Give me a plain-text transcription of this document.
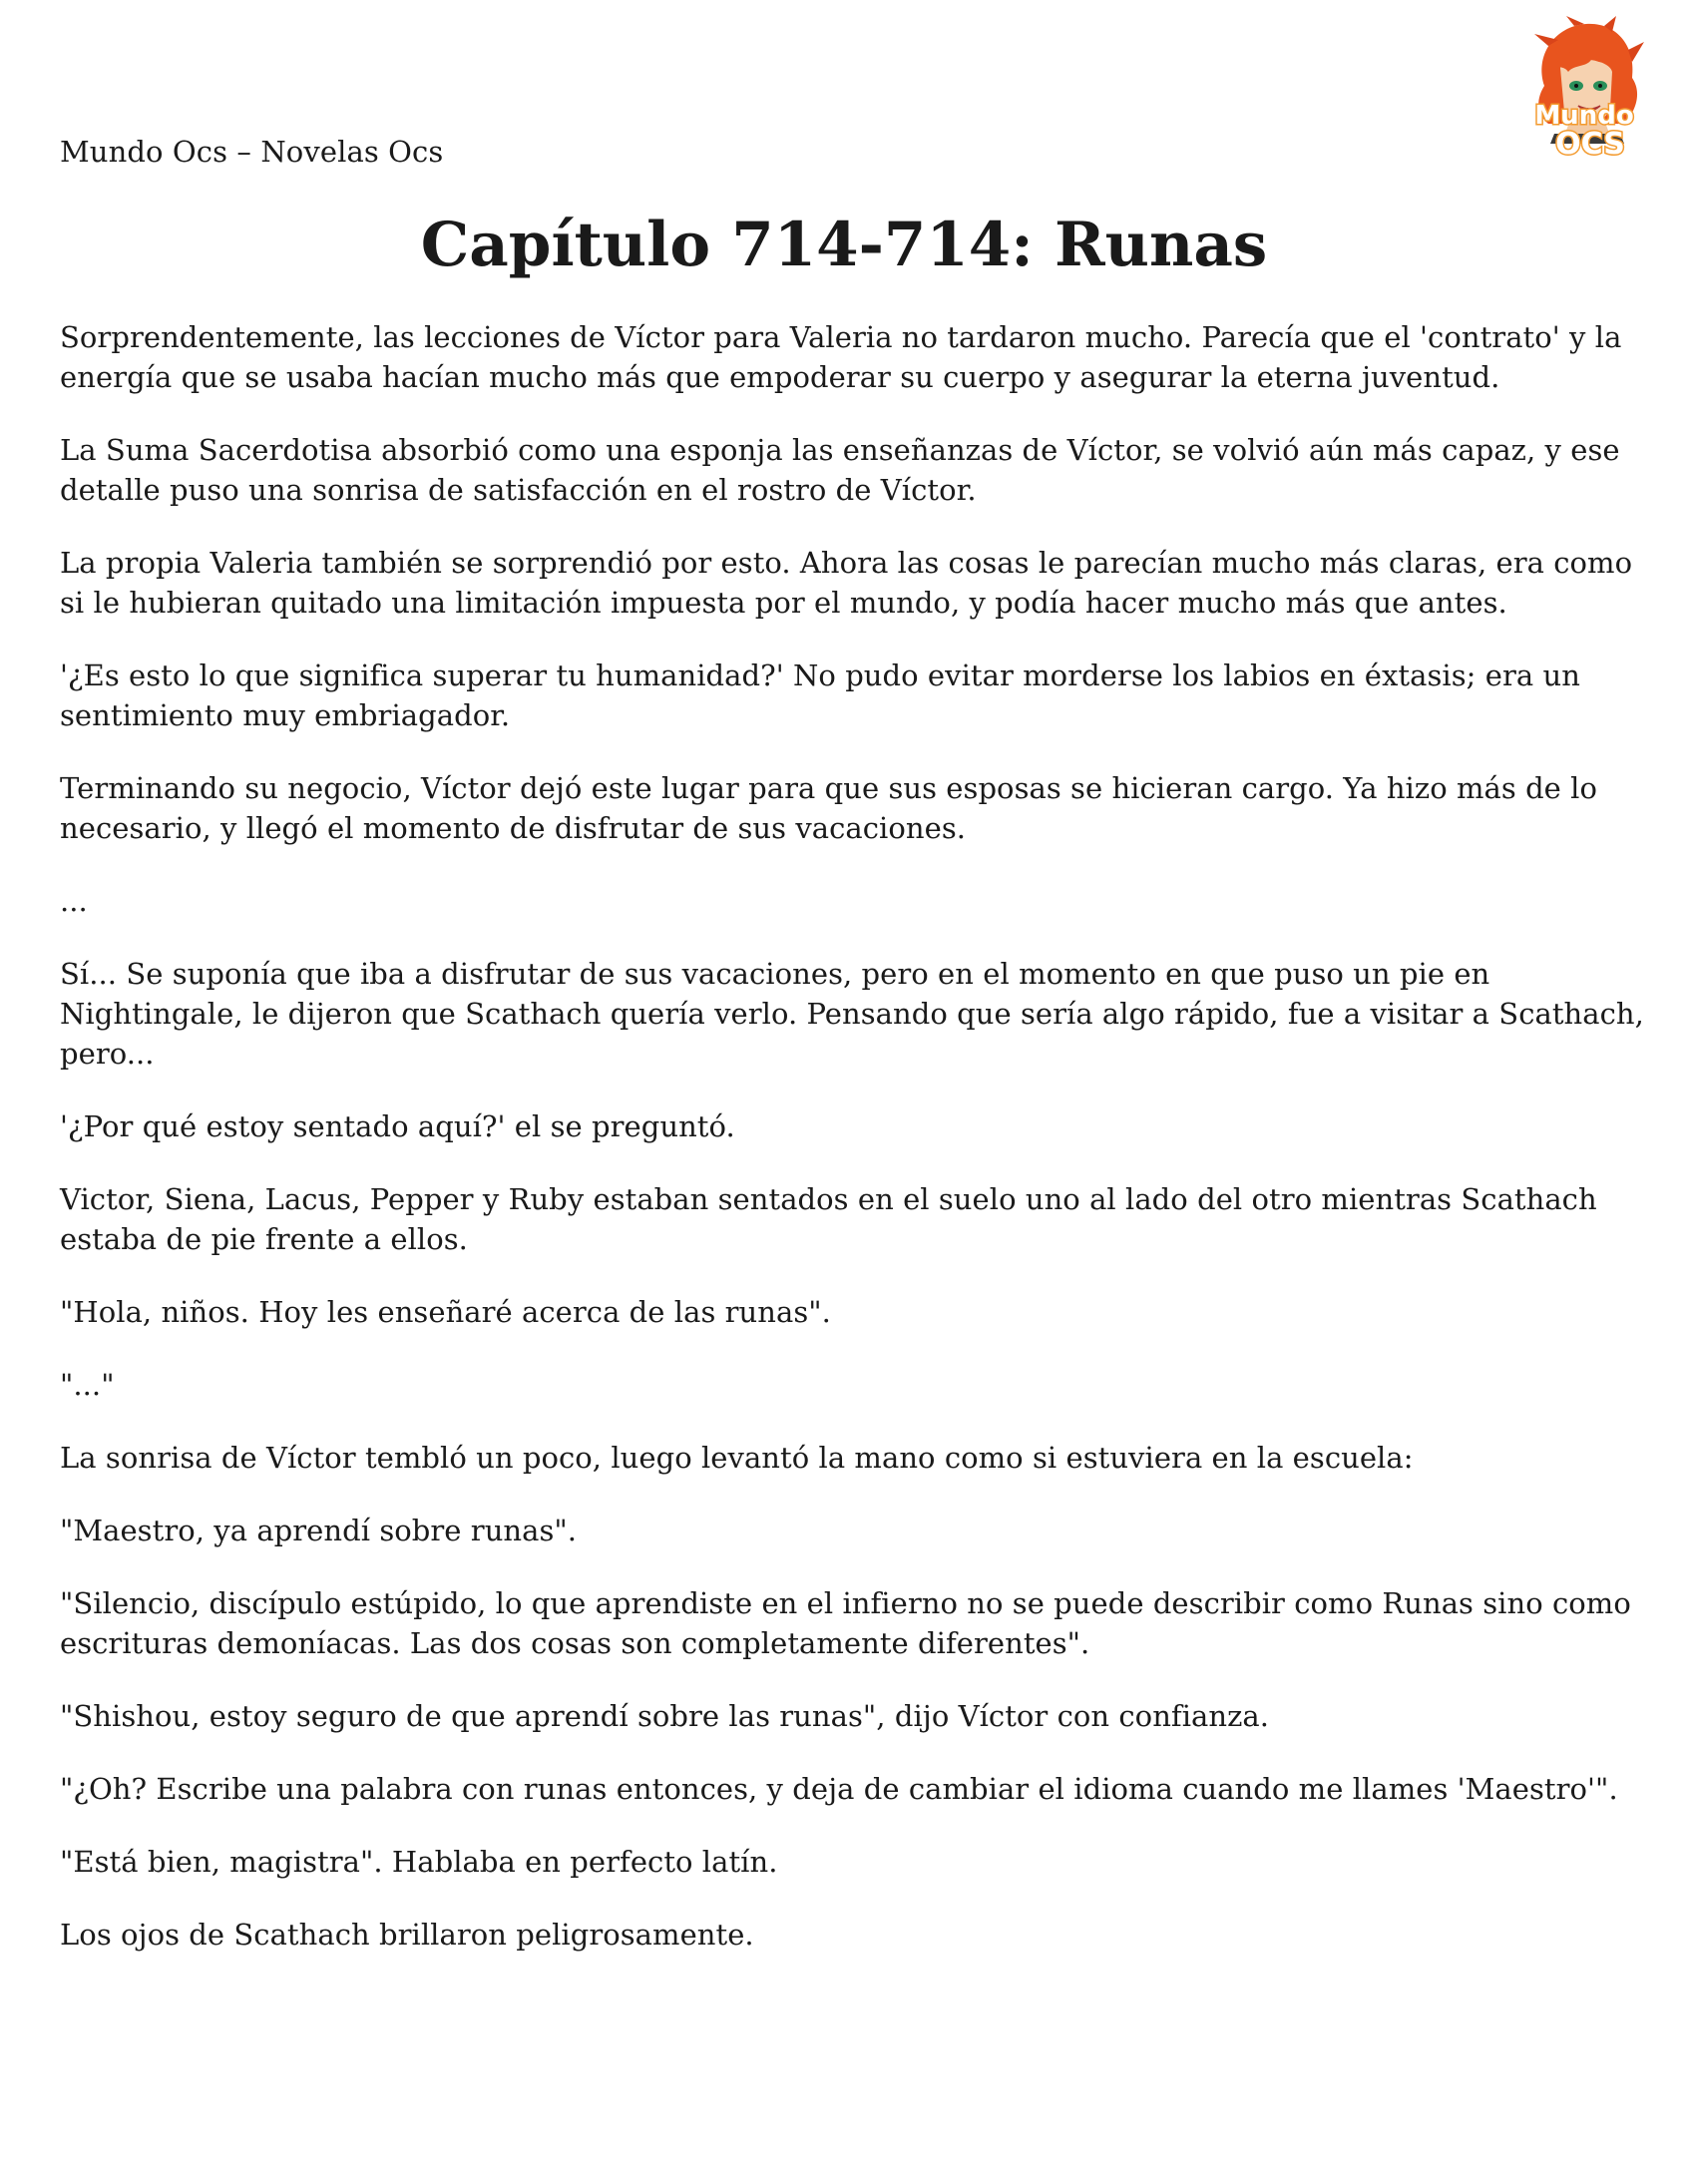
Mundo Ocs – Novelas Ocs
Mundo
OCS
Capítulo 714-714: Runas

Sorprendentemente, las lecciones de Víctor para Valeria no tardaron mucho. Parecía que el 'contrato' y la energía que se usaba hacían mucho más que empoderar su cuerpo y asegurar la eterna juventud.

La Suma Sacerdotisa absorbió como una esponja las enseñanzas de Víctor, se volvió aún más capaz, y ese detalle puso una sonrisa de satisfacción en el rostro de Víctor.

La propia Valeria también se sorprendió por esto. Ahora las cosas le parecían mucho más claras, era como si le hubieran quitado una limitación impuesta por el mundo, y podía hacer mucho más que antes.

'¿Es esto lo que significa superar tu humanidad?' No pudo evitar morderse los labios en éxtasis; era un sentimiento muy embriagador.

Terminando su negocio, Víctor dejó este lugar para que sus esposas se hicieran cargo. Ya hizo más de lo necesario, y llegó el momento de disfrutar de sus vacaciones.

...

Sí... Se suponía que iba a disfrutar de sus vacaciones, pero en el momento en que puso un pie en Nightingale, le dijeron que Scathach quería verlo. Pensando que sería algo rápido, fue a visitar a Scathach, pero...

'¿Por qué estoy sentado aquí?' el se preguntó.

Victor, Siena, Lacus, Pepper y Ruby estaban sentados en el suelo uno al lado del otro mientras Scathach estaba de pie frente a ellos.

"Hola, niños. Hoy les enseñaré acerca de las runas".

"..."

La sonrisa de Víctor tembló un poco, luego levantó la mano como si estuviera en la escuela:

"Maestro, ya aprendí sobre runas".

"Silencio, discípulo estúpido, lo que aprendiste en el infierno no se puede describir como Runas sino como escrituras demoníacas. Las dos cosas son completamente diferentes".

"Shishou, estoy seguro de que aprendí sobre las runas", dijo Víctor con confianza.

"¿Oh? Escribe una palabra con runas entonces, y deja de cambiar el idioma cuando me llames 'Maestro'".

"Está bien, magistra". Hablaba en perfecto latín.

Los ojos de Scathach brillaron peligrosamente.
